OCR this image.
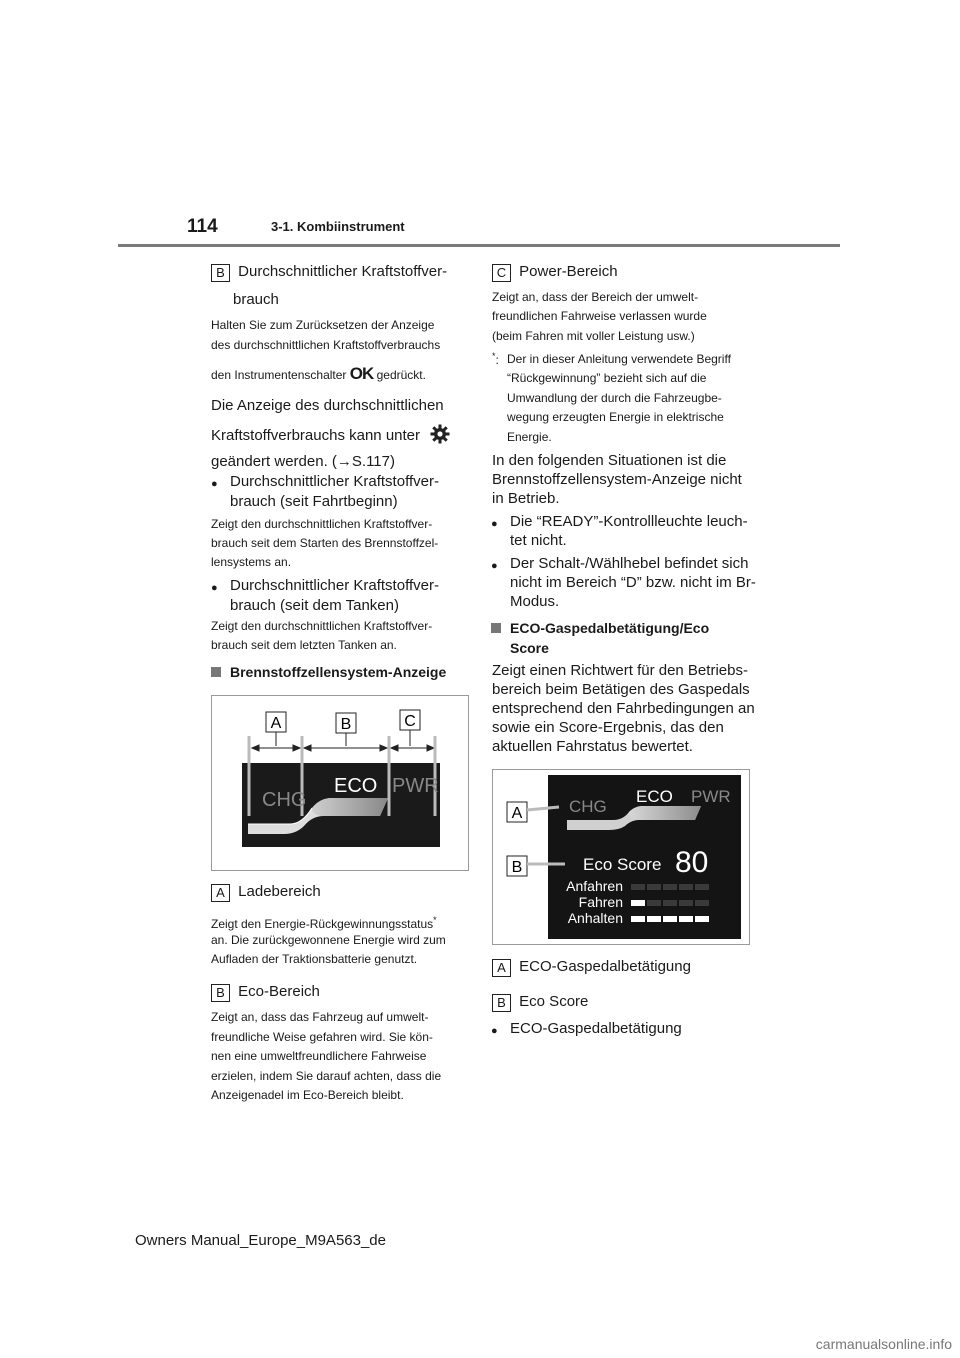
114	3-1. Kombiinstrument
B Durchschnittlicher Kraftstoffver-
brauch
Halten Sie zum Zurücksetzen der Anzeige
des durchschnittlichen Kraftstoffverbrauchs
den Instrumentenschalter OK gedrückt.
Die Anzeige des durchschnittlichen
Kraftstoffverbrauchs kann unter
geändert werden. (→S.117)
● Durchschnittlicher Kraftstoffver-
brauch (seit Fahrtbeginn)
Zeigt den durchschnittlichen Kraftstoffver-
brauch seit dem Starten des Brennstoffzel-
lensystems an.
● Durchschnittlicher Kraftstoffver-
brauch (seit dem Tanken)
Zeigt den durchschnittlichen Kraftstoffver-
brauch seit dem letzten Tanken an.
Brennstoffzellensystem-Anzeige
A	B	C
CHG
ECO PWR
A Ladebereich
Zeigt den Energie-Rückgewinnungsstatus*
an. Die zurückgewonnene Energie wird zum
Aufladen der Traktionsbatterie genutzt.
B Eco-Bereich
Zeigt an, dass das Fahrzeug auf umwelt-
freundliche Weise gefahren wird. Sie kön-
nen eine umweltfreundlichere Fahrweise
erzielen, indem Sie darauf achten, dass die
Anzeigenadel im Eco-Bereich bleibt.
C Power-Bereich
Zeigt an, dass der Bereich der umwelt-
freundlichen Fahrweise verlassen wurde
(beim Fahren mit voller Leistung usw.)
*: Der in dieser Anleitung verwendete Begriff
“Rückgewinnung” bezieht sich auf die
Umwandlung der durch die Fahrzeugbe-
wegung erzeugten Energie in elektrische
Energie.
In den folgenden Situationen ist die
Brennstoffzellensystem-Anzeige nicht
in Betrieb.
● Die “READY”-Kontrollleuchte leuch-
tet nicht.
● Der Schalt-/Wählhebel befindet sich
nicht im Bereich “D” bzw. nicht im Br-
Modus.
ECO-Gaspedalbetätigung/Eco
Score
Zeigt einen Richtwert für den Betriebs-
bereich beim Betätigen des Gaspedals
entsprechend den Fahrbedingungen an
sowie ein Score-Ergebnis, das den
aktuellen Fahrstatus bewertet.
A
B
CHG
ECO PWR
Eco Score 80
Anfahren
Fahren
Anhalten
A ECO-Gaspedalbetätigung
B Eco Score
● ECO-Gaspedalbetätigung
Owners Manual_Europe_M9A563_de
carmanualsonline.info
